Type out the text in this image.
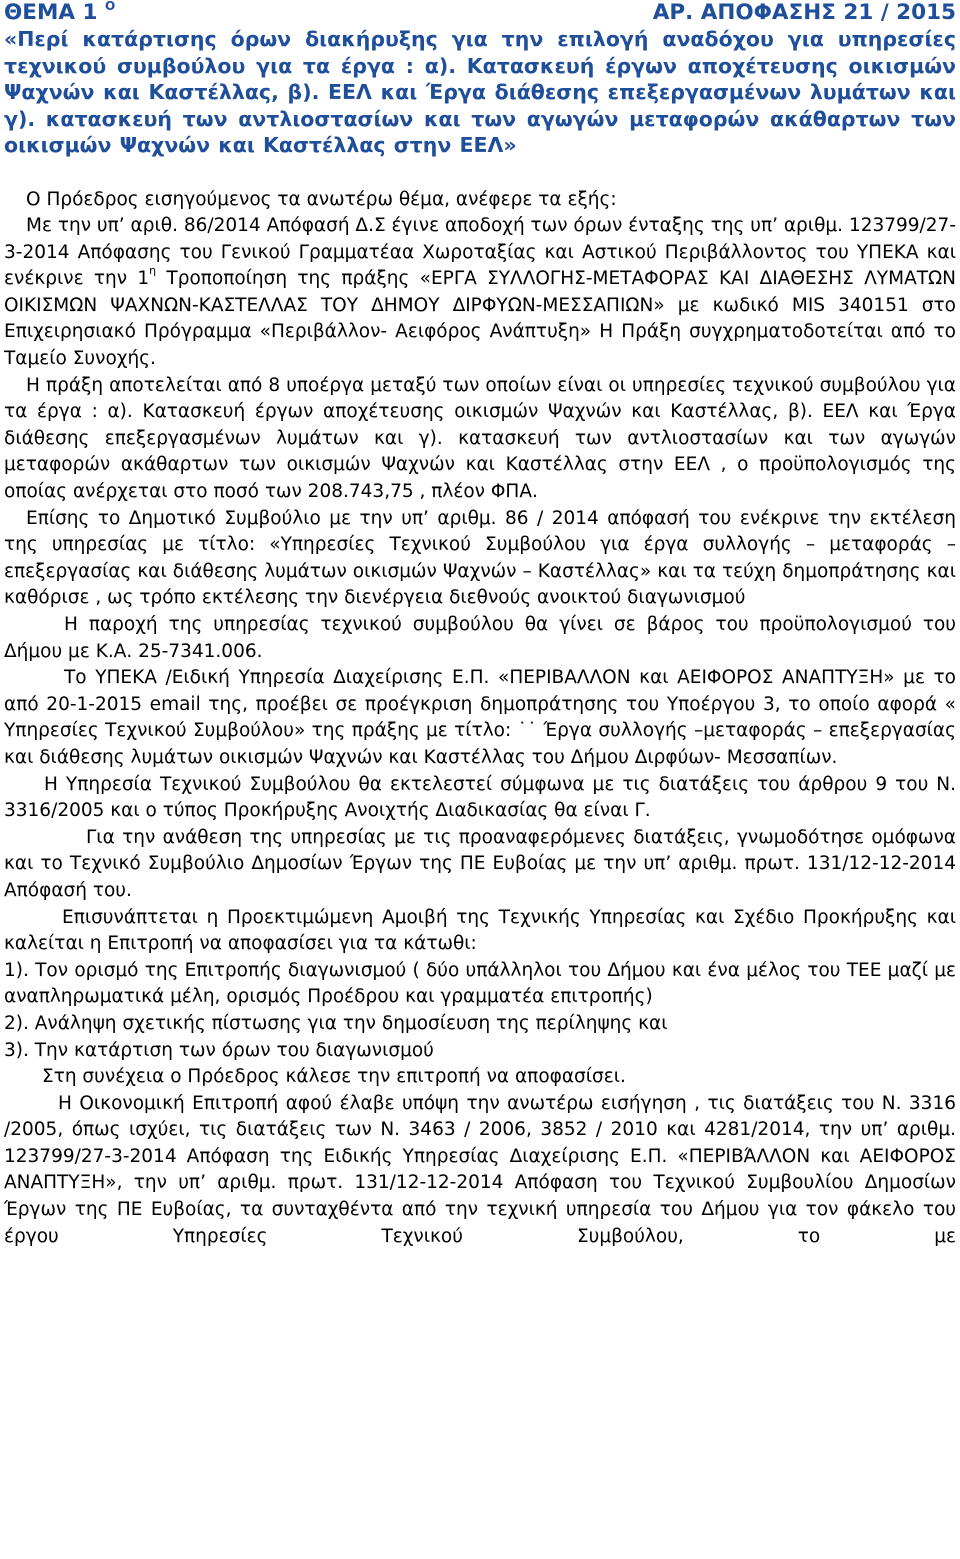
ΘΕΜΑ 1 $^O$	ΑΡ. ΑΠΟΦΑΣΗΣ 21 / 2015
«Περί κατάρτισης όρων διακήρυξης για την επιλογή αναδόχου για υπηρεσίες τεχνικού συμβούλου για τα έργα : α). Κατασκευή έργων αποχέτευσης οικισμών Ψαχνών και Καστέλλας, β). ΕΕΛ και Έργα διάθεσης επεξεργασμένων λυμάτων και γ). κατασκευή των αντλιοστασίων και των αγωγών μεταφορών ακάθαρτων των οικισμών Ψαχνών και Καστέλλας στην ΕΕΛ»

Ο Πρόεδρος εισηγούμενος τα ανωτέρω θέμα, ανέφερε τα εξής:

Με την υπ’ αριθ. 86/2014 Απόφασή Δ.Σ έγινε αποδοχή των όρων ένταξης της υπ’ αριθμ. 123799/27-3-2014 Απόφασης του Γενικού Γραμματέαα Χωροταξίας και Αστικού Περιβάλλοντος του ΥΠΕΚΑ και ενέκρινε την $1^\eta$ Τροποποίηση της πράξης «ΕΡΓΑ ΣΥΛΛΟΓΗΣ-ΜΕΤΑΦΟΡΑΣ ΚΑΙ ΔΙΑΘΕΣΗΣ ΛΥΜΑΤΩΝ ΟΙΚΙΣΜΩΝ ΨΑΧΝΩΝ-ΚΑΣΤΕΛΛΑΣ ΤΟΥ ΔΗΜΟΥ ΔΙΡΦΥΩΝ-ΜΕΣΣΑΠΙΩΝ» με κωδικό MIS 340151 στο Επιχειρησιακό Πρόγραμμα «Περιβάλλον- Αειφόρος Ανάπτυξη» Η Πράξη συγχρηματοδοτείται από το Ταμείο Συνοχής.

Η πράξη αποτελείται από 8 υποέργα μεταξύ των οποίων είναι οι υπηρεσίες τεχνικού συμβούλου για τα έργα : α). Κατασκευή έργων αποχέτευσης οικισμών Ψαχνών και Καστέλλας, β). ΕΕΛ και Έργα διάθεσης επεξεργασμένων λυμάτων και γ). κατασκευή των αντλιοστασίων και των αγωγών μεταφορών ακάθαρτων των οικισμών Ψαχνών και Καστέλλας στην ΕΕΛ , ο προϋπολογισμός της οποίας ανέρχεται στο ποσό των 208.743,75 , πλέον ΦΠΑ.

Επίσης το Δημοτικό Συμβούλιο με την υπ’ αριθμ. 86 / 2014 απόφασή του ενέκρινε την εκτέλεση της υπηρεσίας με τίτλο: «Υπηρεσίες Τεχνικού Συμβούλου για έργα συλλογής – μεταφοράς – επεξεργασίας και διάθεσης λυμάτων οικισμών Ψαχνών – Καστέλλας» και τα τεύχη δημοπράτησης και καθόρισε , ως τρόπο εκτέλεσης την διενέργεια διεθνούς ανοικτού διαγωνισμού

Η παροχή της υπηρεσίας τεχνικού συμβούλου θα γίνει σε βάρος του προϋπολογισμού του Δήμου με Κ.Α. 25-7341.006.

Το ΥΠΕΚΑ /Ειδική Υπηρεσία Διαχείρισης Ε.Π. «ΠΕΡΙΒΑΛΛΟΝ και ΑΕΙΦΟΡΟΣ ΑΝΑΠΤΥΞΗ» με το από 20-1-2015 email της, προέβει σε προέγκριση δημοπράτησης του Υποέργου 3, το οποίο αφορά « Υπηρεσίες Τεχνικού Συμβούλου» της πράξης με τίτλο: ˙˙ Έργα συλλογής –μεταφοράς – επεξεργασίας και διάθεσης λυμάτων οικισμών Ψαχνών και Καστέλλας του Δήμου Διρφύων- Μεσσαπίων.

Η Υπηρεσία Τεχνικού Συμβούλου θα εκτελεστεί σύμφωνα με τις διατάξεις του άρθρου 9 του Ν. 3316/2005 και ο τύπος Προκήρυξης Ανοιχτής Διαδικασίας θα είναι Γ.

Για την ανάθεση της υπηρεσίας με τις προαναφερόμενες διατάξεις, γνωμοδότησε ομόφωνα και το Τεχνικό Συμβούλιο Δημοσίων Έργων της ΠΕ Ευβοίας με την υπ’ αριθμ. πρωτ. 131/12-12-2014 Απόφασή του.

Επισυνάπτεται η Προεκτιμώμενη Αμοιβή της Τεχνικής Υπηρεσίας και Σχέδιο Προκήρυξης και καλείται η Επιτροπή να αποφασίσει για τα κάτωθι:

1). Τον ορισμό της Επιτροπής διαγωνισμού ( δύο υπάλληλοι του Δήμου και ένα μέλος του ΤΕΕ μαζί με αναπληρωματικά μέλη, ορισμός Προέδρου και γραμματέα επιτροπής)

2). Ανάληψη σχετικής πίστωσης για την δημοσίευση της περίληψης και

3). Την κατάρτιση των όρων του διαγωνισμού

Στη συνέχεια ο Πρόεδρος κάλεσε την επιτροπή να αποφασίσει.

Η Οικονομική Επιτροπή αφού έλαβε υπόψη την ανωτέρω εισήγηση , τις διατάξεις του Ν. 3316 /2005, όπως ισχύει, τις διατάξεις των Ν. 3463 / 2006, 3852 / 2010 και 4281/2014, την υπ’ αριθμ. 123799/27-3-2014 Απόφαση της Ειδικής Υπηρεσίας Διαχείρισης Ε.Π. «ΠΕΡΙΒΆΛΛΟΝ και ΑΕΙΦΟΡΟΣ ΑΝΑΠΤΥΞΗ», την υπ’ αριθμ. πρωτ. 131/12-12-2014 Απόφαση του Τεχνικού Συμβουλίου Δημοσίων Έργων της ΠΕ Ευβοίας, τα συνταχθέντα από την τεχνική υπηρεσία του Δήμου για τον φάκελο του έργου Υπηρεσίες Τεχνικού Συμβούλου, το με
